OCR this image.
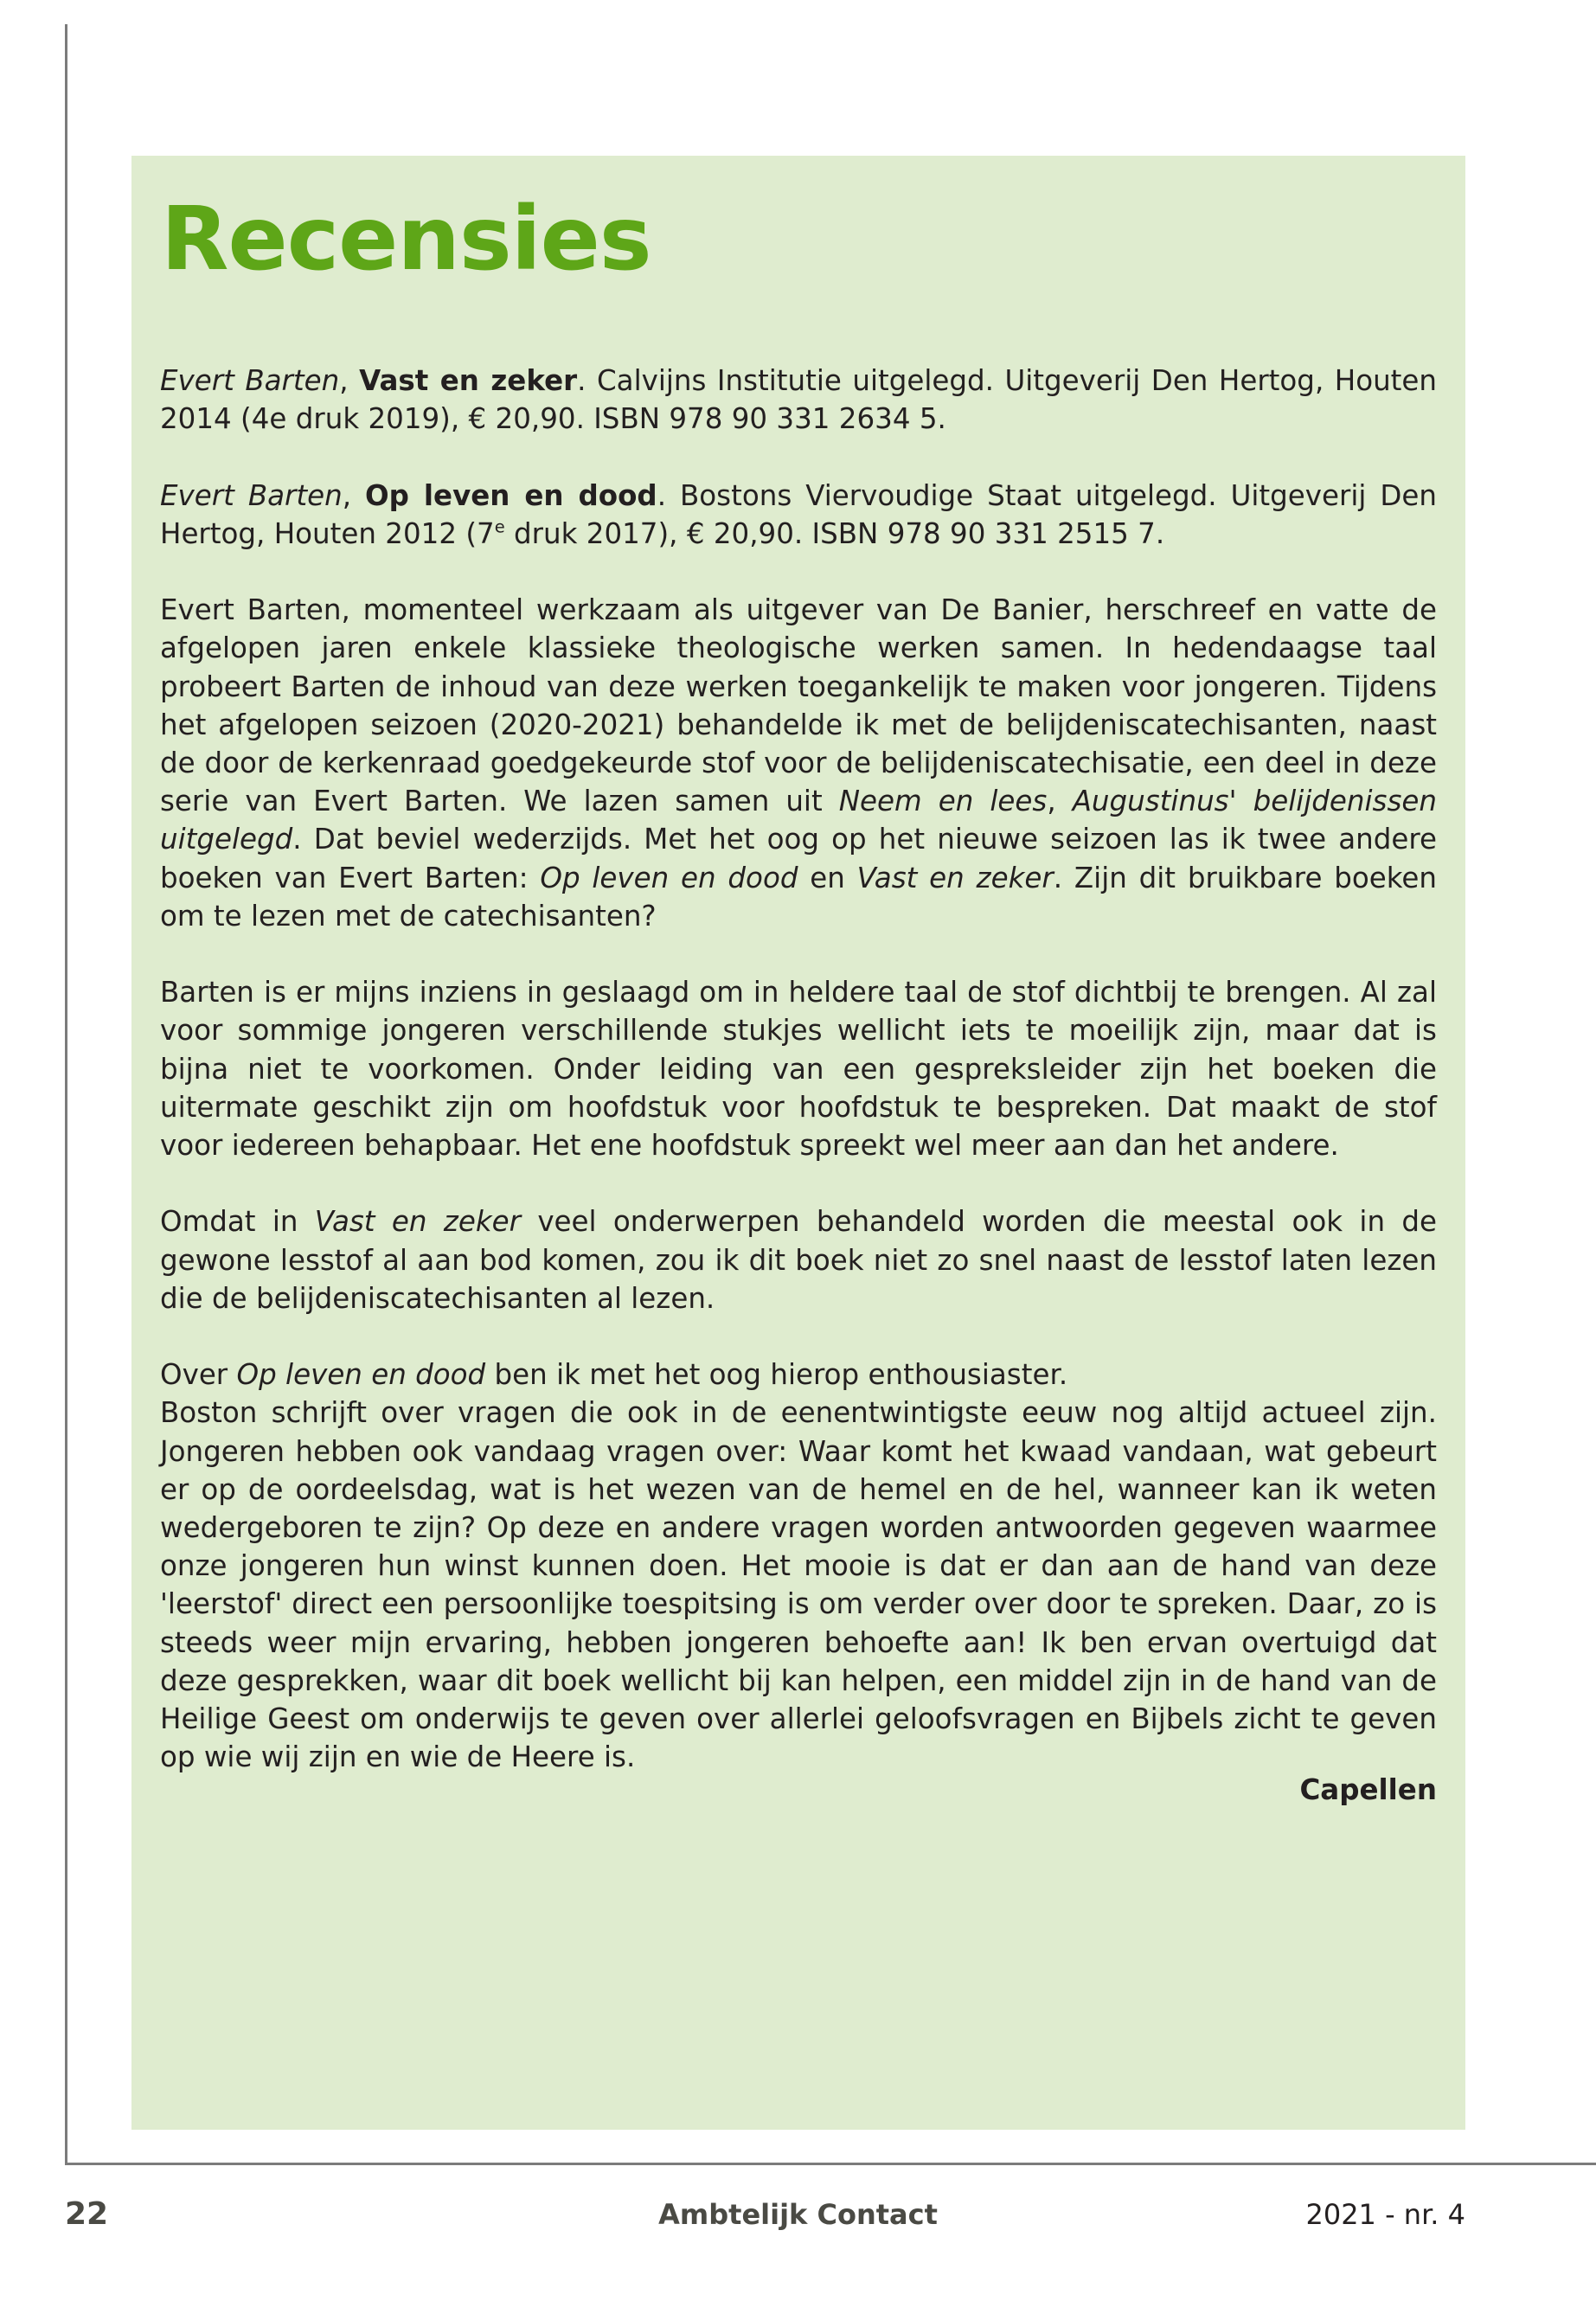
Recensies

Evert Barten, Vast en zeker. Calvijns Institutie uitgelegd. Uitgeverij Den Hertog, Houten 2014 (4e druk 2019), € 20,90. ISBN 978 90 331 2634 5.

Evert Barten, Op leven en dood. Bostons Viervoudige Staat uitgelegd. Uitgeverij Den Hertog, Houten 2012 (7e druk 2017), € 20,90. ISBN 978 90 331 2515 7.

Evert Barten, momenteel werkzaam als uitgever van De Banier, herschreef en vatte de afgelopen jaren enkele klassieke theologische werken samen. In hedendaagse taal probeert Barten de inhoud van deze werken toegankelijk te maken voor jongeren. Tijdens het afgelopen seizoen (2020-2021) behandelde ik met de belijdeniscatechisanten, naast de door de kerkenraad goedgekeurde stof voor de belijdeniscatechisatie, een deel in deze serie van Evert Barten. We lazen samen uit Neem en lees, Augustinus' belijdenissen uitgelegd. Dat beviel wederzijds. Met het oog op het nieuwe seizoen las ik twee andere boeken van Evert Barten: Op leven en dood en Vast en zeker. Zijn dit bruikbare boeken om te lezen met de catechisanten?

Barten is er mijns inziens in geslaagd om in heldere taal de stof dichtbij te brengen. Al zal voor sommige jongeren verschillende stukjes wellicht iets te moeilijk zijn, maar dat is bijna niet te voorkomen. Onder leiding van een gespreksleider zijn het boeken die uitermate geschikt zijn om hoofdstuk voor hoofdstuk te bespreken. Dat maakt de stof voor iedereen behapbaar. Het ene hoofdstuk spreekt wel meer aan dan het andere.

Omdat in Vast en zeker veel onderwerpen behandeld worden die meestal ook in de gewone lesstof al aan bod komen, zou ik dit boek niet zo snel naast de lesstof laten lezen die de belijdeniscatechisanten al lezen.

Over Op leven en dood ben ik met het oog hierop enthousiaster.

Boston schrijft over vragen die ook in de eenentwintigste eeuw nog altijd actueel zijn. Jongeren hebben ook vandaag vragen over: Waar komt het kwaad vandaan, wat gebeurt er op de oordeelsdag, wat is het wezen van de hemel en de hel, wanneer kan ik weten wedergeboren te zijn? Op deze en andere vragen worden antwoorden gegeven waarmee onze jongeren hun winst kunnen doen. Het mooie is dat er dan aan de hand van deze 'leerstof' direct een persoonlijke toespitsing is om verder over door te spreken. Daar, zo is steeds weer mijn ervaring, hebben jongeren behoefte aan! Ik ben ervan overtuigd dat deze gesprekken, waar dit boek wellicht bij kan helpen, een middel zijn in de hand van de Heilige Geest om onderwijs te geven over allerlei geloofsvragen en Bijbels zicht te geven op wie wij zijn en wie de Heere is.

Capellen
22	Ambtelijk Contact	2021 - nr. 4
